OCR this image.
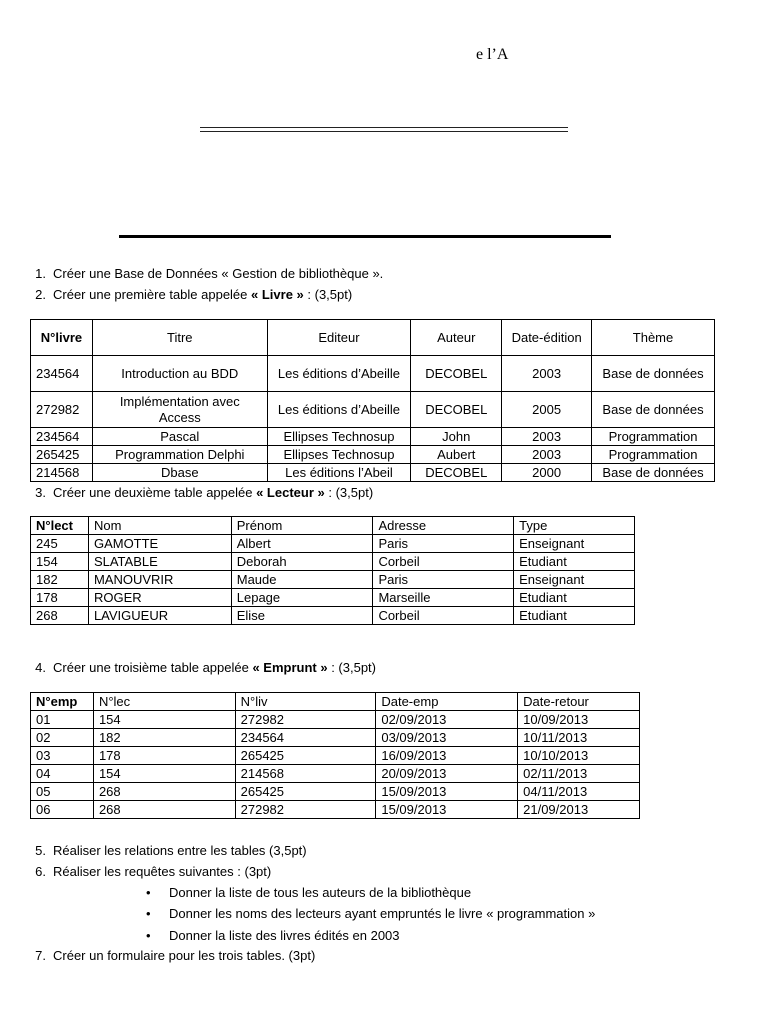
e l’A
1. Créer une Base de Données « Gestion de bibliothèque ».
2. Créer une première table appelée « Livre » : (3,5pt)
N°livre	Titre	Editeur	Auteur	Date-édition	Thème
234564	Introduction au BDD	Les éditions d’Abeille	DECOBEL	2003	Base de données
272982	Implémentation avec Access	Les éditions d’Abeille	DECOBEL	2005	Base de données
234564	Pascal	Ellipses Technosup	John	2003	Programmation
265425	Programmation Delphi	Ellipses Technosup	Aubert	2003	Programmation
214568	Dbase	Les éditions l’Abeil	DECOBEL	2000	Base de données
3. Créer une deuxième table appelée « Lecteur » : (3,5pt)
N°lect	Nom	Prénom	Adresse	Type
245	GAMOTTE	Albert	Paris	Enseignant
154	SLATABLE	Deborah	Corbeil	Etudiant
182	MANOUVRIR	Maude	Paris	Enseignant
178	ROGER	Lepage	Marseille	Etudiant
268	LAVIGUEUR	Elise	Corbeil	Etudiant
4. Créer une troisième table appelée « Emprunt » : (3,5pt)
N°emp	N°lec	N°liv	Date-emp	Date-retour
01	154	272982	02/09/2013	10/09/2013
02	182	234564	03/09/2013	10/11/2013
03	178	265425	16/09/2013	10/10/2013
04	154	214568	20/09/2013	02/11/2013
05	268	265425	15/09/2013	04/11/2013
06	268	272982	15/09/2013	21/09/2013
5. Réaliser les relations entre les tables (3,5pt)
6. Réaliser les requêtes suivantes : (3pt)
• Donner la liste de tous les auteurs de la bibliothèque
• Donner les noms des lecteurs ayant empruntés le livre « programmation »
• Donner la liste des livres édités en 2003
7. Créer un formulaire pour les trois tables. (3pt)
